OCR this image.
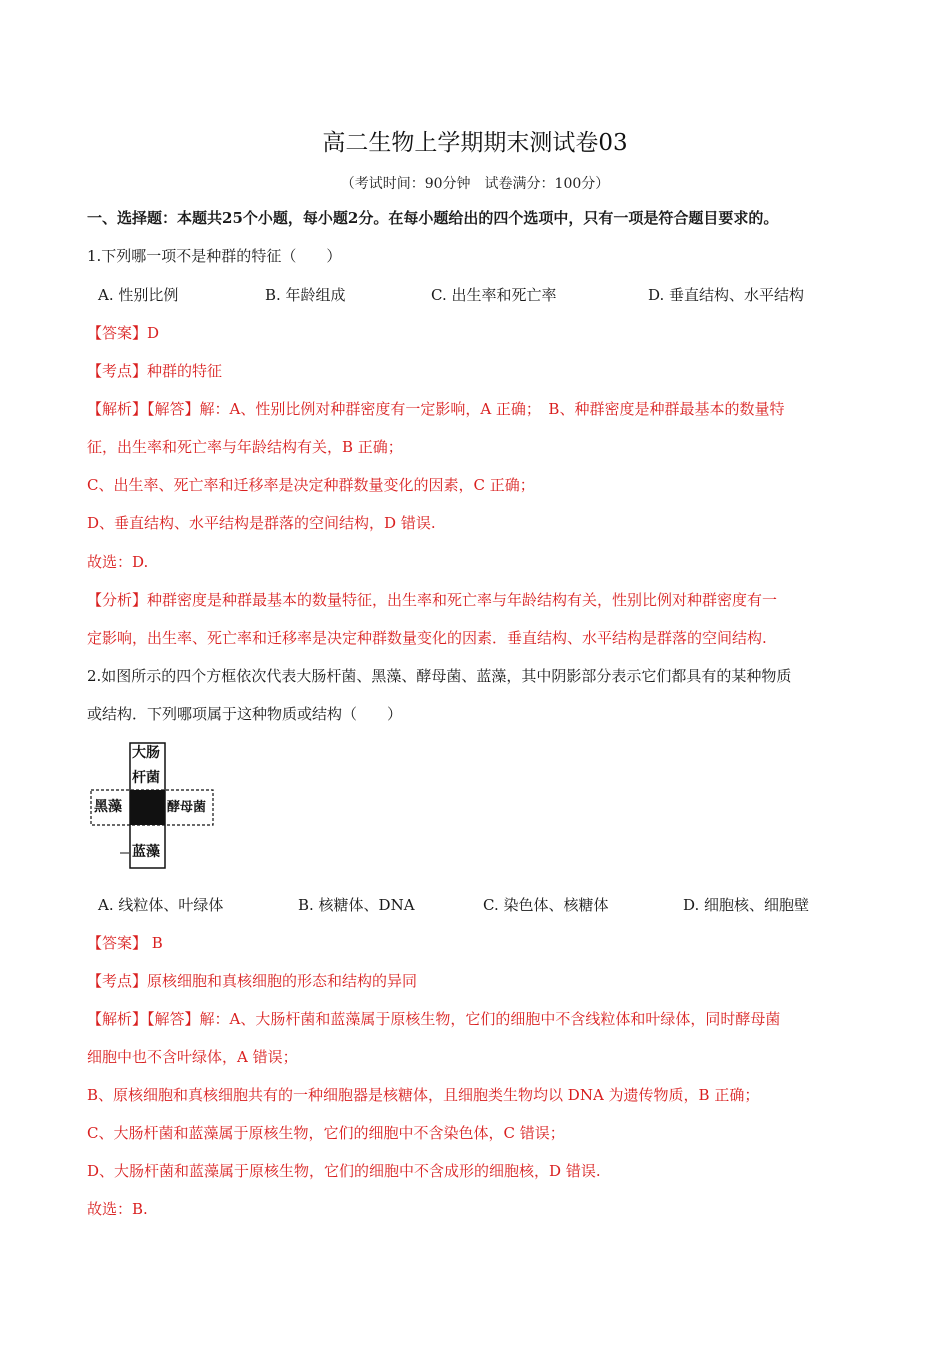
高二生物上学期期末测试卷03
（考试时间：90分钟　试卷满分：100分）
一、选择题：本题共25个小题，每小题2分。在每小题给出的四个选项中，只有一项是符合题目要求的。
1.下列哪一项不是种群的特征（　　）
A. 性别比例	B. 年龄组成	C. 出生率和死亡率	D. 垂直结构、水平结构
【答案】D
【考点】种群的特征
【解析】【解答】解：A、性别比例对种群密度有一定影响，A 正确；　B、种群密度是种群最基本的数量特
征，出生率和死亡率与年龄结构有关，B 正确；
C、出生率、死亡率和迁移率是决定种群数量变化的因素，C 正确；
D、垂直结构、水平结构是群落的空间结构，D 错误.
故选：D.
【分析】种群密度是种群最基本的数量特征，出生率和死亡率与年龄结构有关，性别比例对种群密度有一
定影响，出生率、死亡率和迁移率是决定种群数量变化的因素．垂直结构、水平结构是群落的空间结构.
2.如图所示的四个方框依次代表大肠杆菌、黑藻、酵母菌、蓝藻，其中阴影部分表示它们都具有的某种物质
或结构．下列哪项属于这种物质或结构（　　）
大肠
杆菌
黑藻	酵母菌
蓝藻
A. 线粒体、叶绿体	B. 核糖体、DNA	C. 染色体、核糖体	D. 细胞核、细胞壁
【答案】 B
【考点】原核细胞和真核细胞的形态和结构的异同
【解析】【解答】解：A、大肠杆菌和蓝藻属于原核生物，它们的细胞中不含线粒体和叶绿体，同时酵母菌
细胞中也不含叶绿体，A 错误；
B、原核细胞和真核细胞共有的一种细胞器是核糖体，且细胞类生物均以 DNA 为遗传物质，B 正确；
C、大肠杆菌和蓝藻属于原核生物，它们的细胞中不含染色体，C 错误；
D、大肠杆菌和蓝藻属于原核生物，它们的细胞中不含成形的细胞核，D 错误.
故选：B.
